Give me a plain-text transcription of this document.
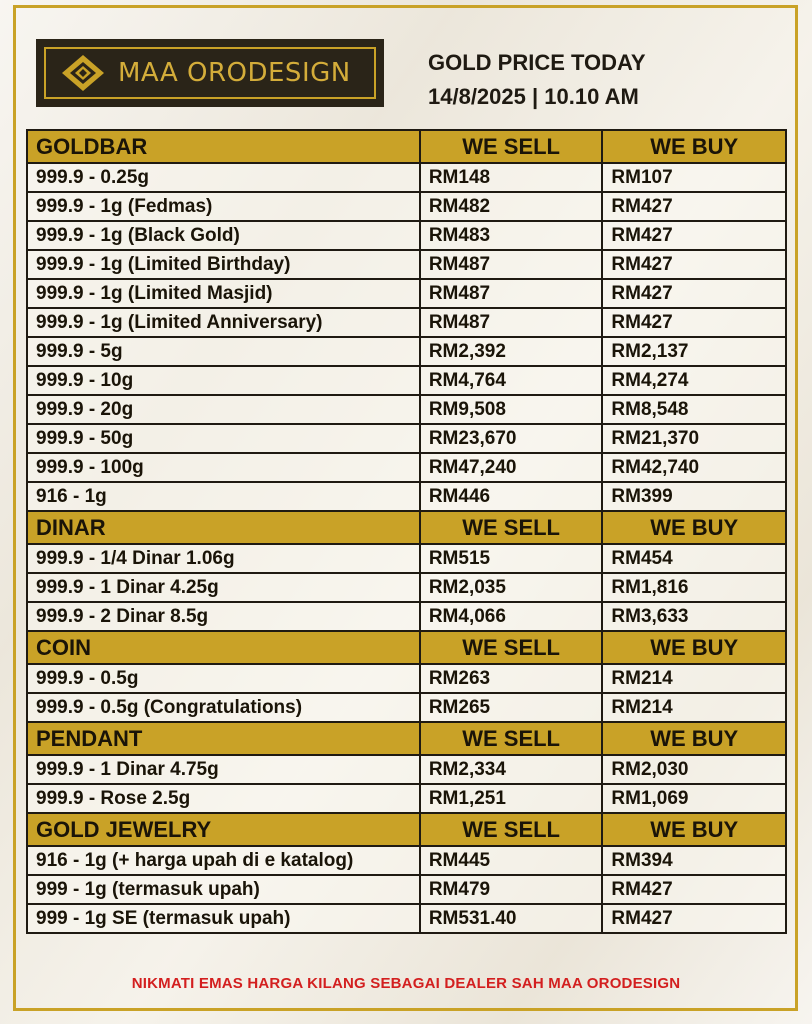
MAA ORODESIGN	GOLD PRICE TODAY
14/8/2025 | 10.10 AM
GOLDBAR	WE SELL	WE BUY
999.9 - 0.25g	RM148	RM107
999.9 - 1g (Fedmas)	RM482	RM427
999.9 - 1g (Black Gold)	RM483	RM427
999.9 - 1g (Limited Birthday)	RM487	RM427
999.9 - 1g (Limited Masjid)	RM487	RM427
999.9 - 1g (Limited Anniversary)	RM487	RM427
999.9 - 5g	RM2,392	RM2,137
999.9 - 10g	RM4,764	RM4,274
999.9 - 20g	RM9,508	RM8,548
999.9 - 50g	RM23,670	RM21,370
999.9 - 100g	RM47,240	RM42,740
916 - 1g	RM446	RM399
DINAR	WE SELL	WE BUY
999.9 - 1/4 Dinar 1.06g	RM515	RM454
999.9 - 1 Dinar 4.25g	RM2,035	RM1,816
999.9 - 2 Dinar 8.5g	RM4,066	RM3,633
COIN	WE SELL	WE BUY
999.9 - 0.5g	RM263	RM214
999.9 - 0.5g (Congratulations)	RM265	RM214
PENDANT	WE SELL	WE BUY
999.9 - 1 Dinar 4.75g	RM2,334	RM2,030
999.9 - Rose 2.5g	RM1,251	RM1,069
GOLD JEWELRY	WE SELL	WE BUY
916 - 1g (+ harga upah di e katalog)	RM445	RM394
999 - 1g (termasuk upah)	RM479	RM427
999 - 1g SE (termasuk upah)	RM531.40	RM427
NIKMATI EMAS HARGA KILANG SEBAGAI DEALER SAH MAA ORODESIGN
